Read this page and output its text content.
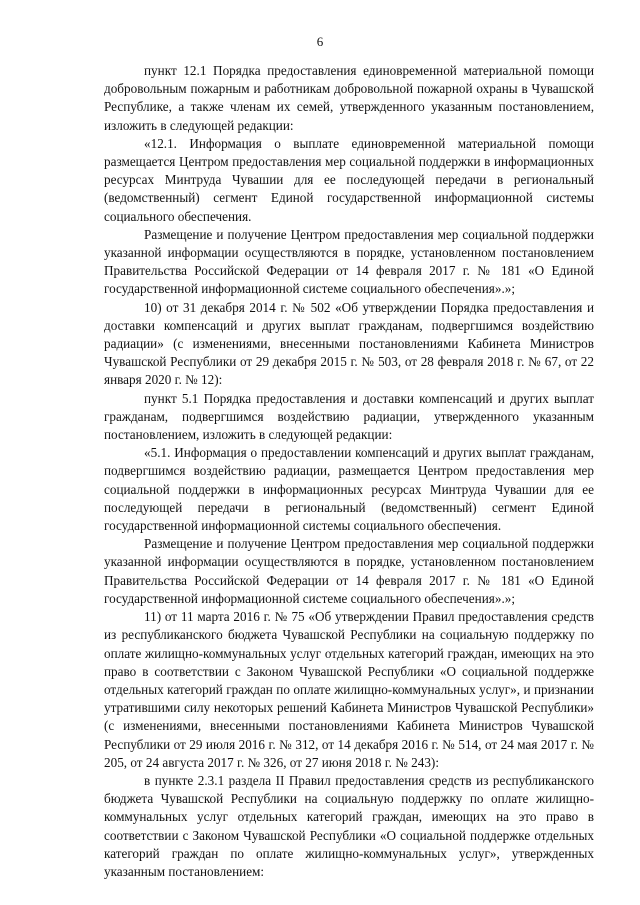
6

пункт 12.1 Порядка предоставления единовременной материальной помощи добровольным пожарным и работникам добровольной пожарной охраны в Чувашской Республике, а также членам их семей, утвержденного указанным постановлением, изложить в следующей редакции:

«12.1. Информация о выплате единовременной материальной помощи размещается Центром предоставления мер социальной поддержки в информационных ресурсах Минтруда Чувашии для ее последующей передачи в региональный (ведомственный) сегмент Единой государственной информационной системы социального обеспечения.

Размещение и получение Центром предоставления мер социальной поддержки указанной информации осуществляются в порядке, установленном постановлением Правительства Российской Федерации от 14 февраля 2017 г. № 181 «О Единой государственной информационной системе социального обеспечения».»;

10) от 31 декабря 2014 г. № 502 «Об утверждении Порядка предоставления и доставки компенсаций и других выплат гражданам, подвергшимся воздействию радиации» (с изменениями, внесенными постановлениями Кабинета Министров Чувашской Республики от 29 декабря 2015 г. № 503, от 28 февраля 2018 г. № 67, от 22 января 2020 г. № 12):

пункт 5.1 Порядка предоставления и доставки компенсаций и других выплат гражданам, подвергшимся воздействию радиации, утвержденного указанным постановлением, изложить в следующей редакции:

«5.1. Информация о предоставлении компенсаций и других выплат гражданам, подвергшимся воздействию радиации, размещается Центром предоставления мер социальной поддержки в информационных ресурсах Минтруда Чувашии для ее последующей передачи в региональный (ведомственный) сегмент Единой государственной информационной системы социального обеспечения.

Размещение и получение Центром предоставления мер социальной поддержки указанной информации осуществляются в порядке, установленном постановлением Правительства Российской Федерации от 14 февраля 2017 г. № 181 «О Единой государственной информационной системе социального обеспечения».»;

11) от 11 марта 2016 г. № 75 «Об утверждении Правил предоставления средств из республиканского бюджета Чувашской Республики на социальную поддержку по оплате жилищно-коммунальных услуг отдельных категорий граждан, имеющих на это право в соответствии с Законом Чувашской Республики «О социальной поддержке отдельных категорий граждан по оплате жилищно-коммунальных услуг», и признании утратившими силу некоторых решений Кабинета Министров Чувашской Республики» (с изменениями, внесенными постановлениями Кабинета Министров Чувашской Республики от 29 июля 2016 г. № 312, от 14 декабря 2016 г. № 514, от 24 мая 2017 г. № 205, от 24 августа 2017 г. № 326, от 27 июня 2018 г. № 243):

в пункте 2.3.1 раздела II Правил предоставления средств из республиканского бюджета Чувашской Республики на социальную поддержку по оплате жилищно-коммунальных услуг отдельных категорий граждан, имеющих на это право в соответствии с Законом Чувашской Республики «О социальной поддержке отдельных категорий граждан по оплате жилищно-коммунальных услуг», утвержденных указанным постановлением:
